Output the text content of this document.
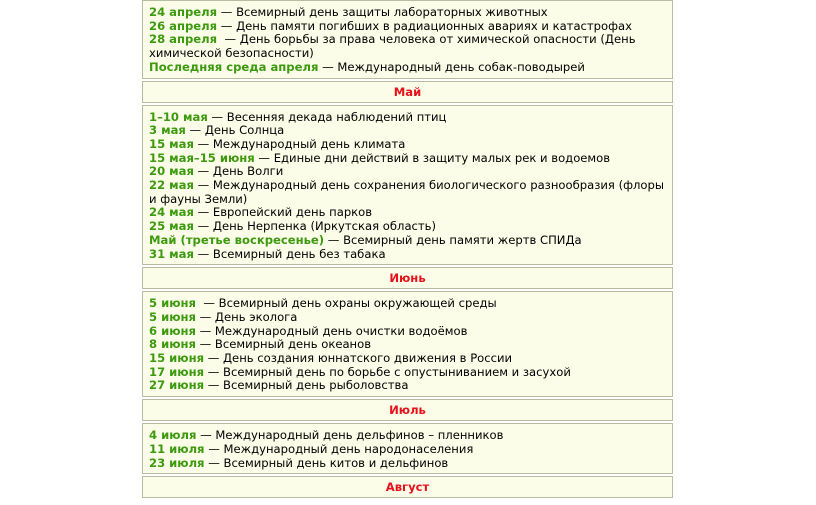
24 апреля — Всемирный день защиты лабораторных животных
26 апреля — День памяти погибших в радиационных авариях и катастрофах
28 апреля  — День борьбы за права человека от химической опасности (День химической безопасности)
Последняя среда апреля — Международный день собак-поводырей
Май
1–10 мая — Весенняя декада наблюдений птиц
3 мая — День Солнца
15 мая — Международный день климата
15 мая–15 июня — Единые дни действий в защиту малых рек и водоемов
20 мая — День Волги
22 мая — Международный день сохранения биологического разнообразия (флоры и фауны Земли)
24 мая — Европейский день парков
25 мая — День Нерпенка (Иркутская область)
Май (третье воскресенье) — Всемирный день памяти жертв СПИДа
31 мая — Всемирный день без табака
Июнь
5 июня  — Всемирный день охраны окружающей среды
5 июня — День эколога
6 июня — Международный день очистки водоёмов
8 июня — Всемирный день океанов
15 июня — День создания юннатского движения в России
17 июня — Всемирный день по борьбе с опустыниванием и засухой
27 июня — Всемирный день рыболовства
Июль
4 июля — Международный день дельфинов – пленников
11 июля — Международный день народонаселения
23 июля — Всемирный день китов и дельфинов
Август
